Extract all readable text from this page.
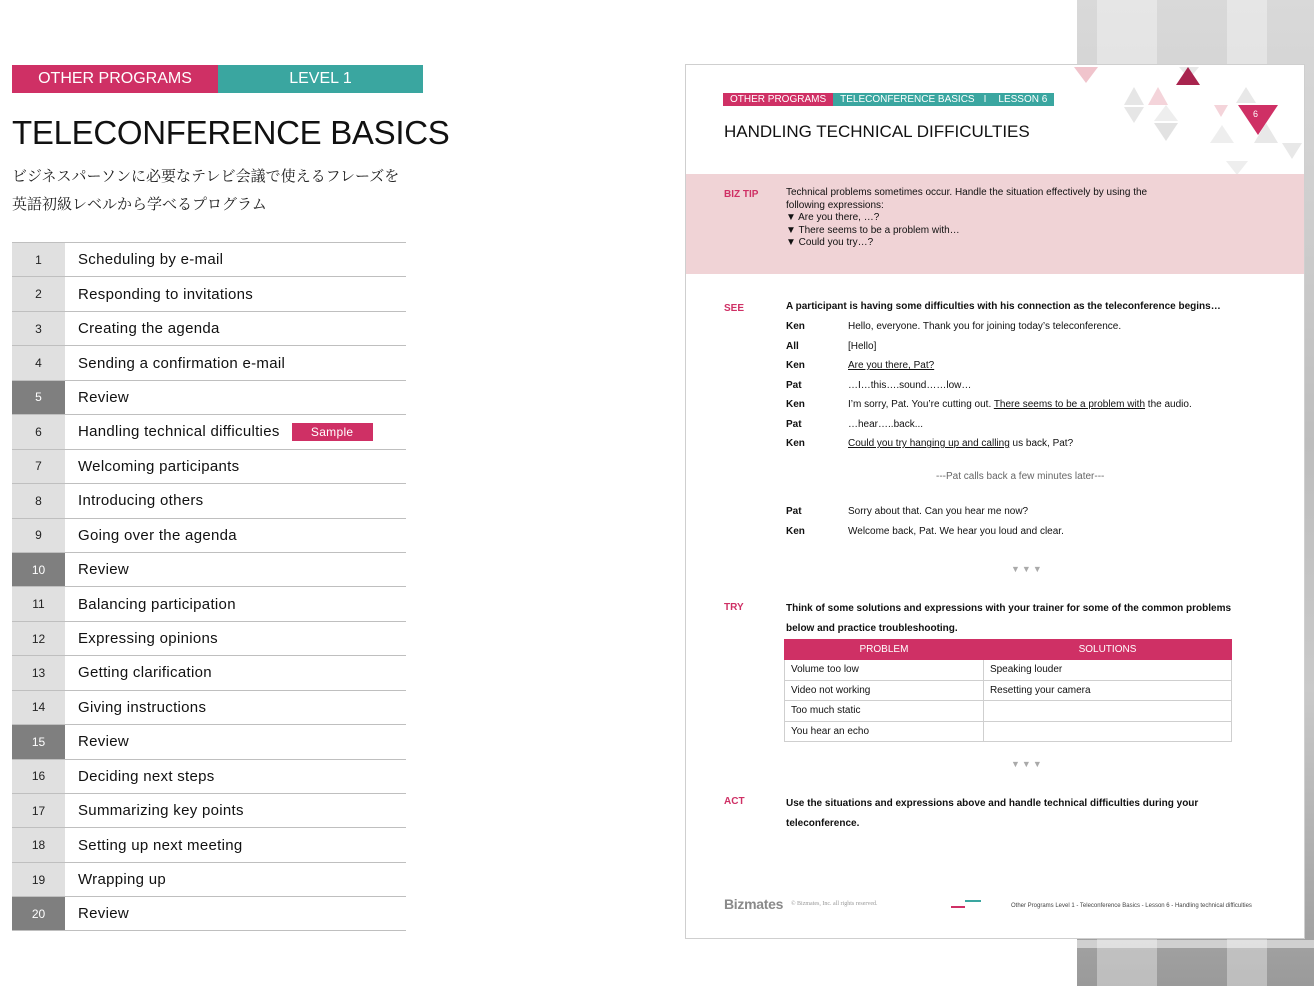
OTHER PROGRAMS	LEVEL 1
TELECONFERENCE BASICS
ビジネスパーソンに必要なテレビ会議で使えるフレーズを
英語初級レベルから学べるプログラム
1	Scheduling by e-mail
2	Responding to invitations
3	Creating the agenda
4	Sending a confirmation e-mail
5	Review
6	Handling technical difficulties	Sample
7	Welcoming participants
8	Introducing others
9	Going over the agenda
10	Review
11	Balancing participation
12	Expressing opinions
13	Getting clarification
14	Giving instructions
15	Review
16	Deciding next steps
17	Summarizing key points
18	Setting up next meeting
19	Wrapping up
20	Review
6
OTHER PROGRAMS	TELECONFERENCE BASICS I	LESSON 6
HANDLING TECHNICAL DIFFICULTIES
BIZ TIP	Technical problems sometimes occur. Handle the situation effectively by using the
following expressions:
▼ Are you there, …?
▼ There seems to be a problem with…
▼ Could you try…?
SEE	A participant is having some difficulties with his connection as the teleconference begins…
Ken	Hello, everyone. Thank you for joining today’s teleconference.
All	[Hello]
Ken	Are you there, Pat?
Pat	…I…this….sound……low…
Ken	I’m sorry, Pat. You’re cutting out. There seems to be a problem with the audio.
Pat	…hear…..back...
Ken	Could you try hanging up and calling us back, Pat?
Pat	Sorry about that. Can you hear me now?
Ken	Welcome back, Pat. We hear you loud and clear.
---Pat calls back a few minutes later---
▼▼▼
TRY	Think of some solutions and expressions with your trainer for some of the common problems
below and practice troubleshooting.
PROBLEM	SOLUTIONS
Volume too low	Speaking louder
Video not working	Resetting your camera
Too much static	
You hear an echo	
▼▼▼
ACT	Use the situations and expressions above and handle technical difficulties during your
teleconference.
Bizmates © Bizmates, Inc. all rights reserved.	Other Programs Level 1 - Teleconference Basics - Lesson 6 - Handling technical difficulties
